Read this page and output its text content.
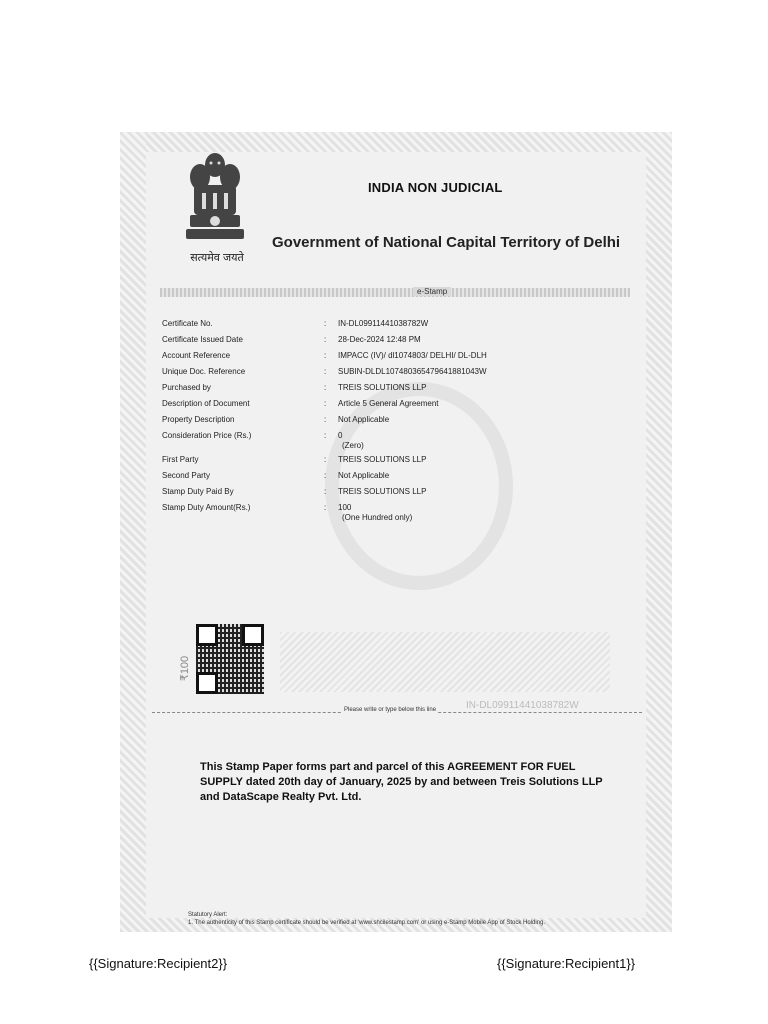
सत्यमेव जयते
INDIA NON JUDICIAL
Government of National Capital Territory of Delhi
e-Stamp
Certificate No.	: IN-DL09911441038782W
Certificate Issued Date	: 28-Dec-2024 12:48 PM
Account Reference	: IMPACC (IV)/ dl1074803/ DELHI/ DL-DLH
Unique Doc. Reference	: SUBIN-DLDL107480365479641881043W
Purchased by	: TREIS SOLUTIONS LLP
Description of Document	: Article 5 General Agreement
Property Description	: Not Applicable
Consideration Price (Rs.)	: 0
(Zero)
First Party	: TREIS SOLUTIONS LLP
Second Party	: Not Applicable
Stamp Duty Paid By	: TREIS SOLUTIONS LLP
Stamp Duty Amount(Rs.)	: 100
(One Hundred only)
₹100
Please write or type below this line	IN-DL09911441038782W
This Stamp Paper forms part and parcel of this AGREEMENT FOR FUEL SUPPLY dated 20th day of January, 2025 by and between Treis Solutions LLP and DataScape Realty Pvt. Ltd.
Statutory Alert:
1. The authenticity of this Stamp certificate should be verified at 'www.shcilestamp.com' or using e-Stamp Mobile App of Stock Holding.
{{Signature:Recipient2}}	{{Signature:Recipient1}}
